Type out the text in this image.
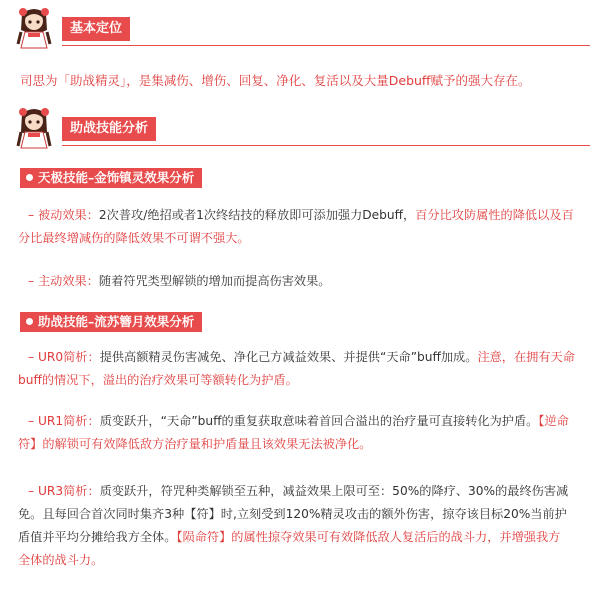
基本定位
司思为「助战精灵」，是集减伤、增伤、回复、净化、复活以及大量Debuff赋予的强大存在。
助战技能分析
天极技能–金饰镇灵效果分析
– 被动效果：2次普攻/绝招或者1次终结技的释放即可添加强力Debuff，百分比攻防属性的降低以及百
分比最终增减伤的降低效果不可谓不强大。
– 主动效果：随着符咒类型解锁的增加而提高伤害效果。
助战技能–流苏簪月效果分析
– UR0简析：提供高额精灵伤害减免、净化己方减益效果、并提供“天命”buff加成。注意，在拥有天命
buff的情况下，溢出的治疗效果可等额转化为护盾。
– UR1简析：质变跃升，“天命”buff的重复获取意味着首回合溢出的治疗量可直接转化为护盾。【逆命
符】的解锁可有效降低敌方治疗量和护盾量且该效果无法被净化。
– UR3简析：质变跃升，符咒种类解锁至五种，减益效果上限可至：50%的降疗、30%的最终伤害减
免。且每回合首次同时集齐3种【符】时,立刻受到120%精灵攻击的额外伤害，掠夺该目标20%当前护
盾值并平均分摊给我方全体。【陨命符】的属性掠夺效果可有效降低敌人复活后的战斗力，并增强我方
全体的战斗力。
